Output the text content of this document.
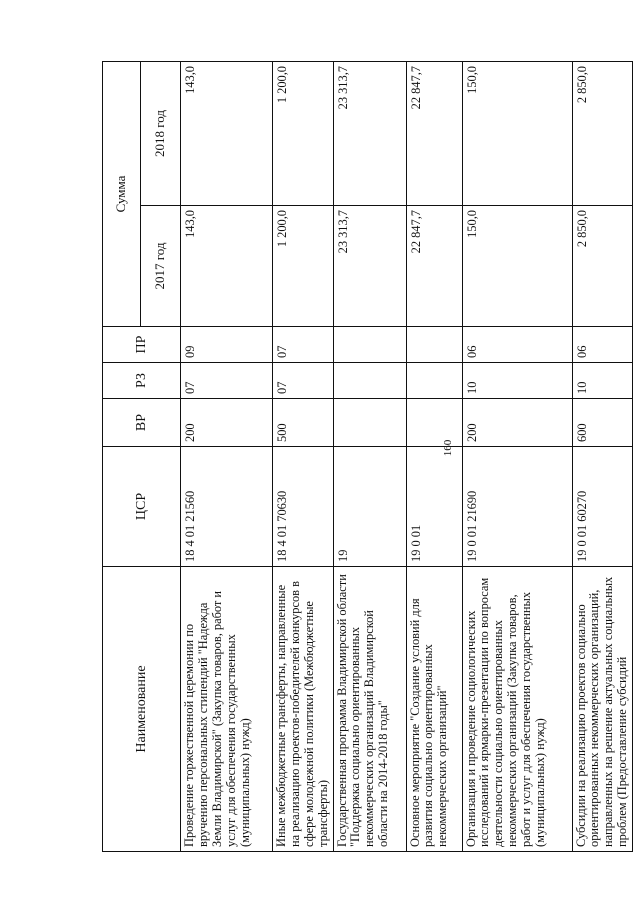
160
Наименование	ЦСР	ВР	РЗ	ПР	Сумма	
					2017 год	2018 год
Проведение торжественной церемонии по вручению персональных стипендий "Надежда Земли Владимирской" (Закупка товаров, работ и услуг для обеспечения государственных (муниципальных) нужд)	18 4 01 21560	200	07	09	143,0	143,0
Иные межбюджетные трансферты, направленные на реализацию проектов-победителей конкурсов в сфере молодежной политики (Межбюджетные трансферты)	18 4 01 70630	500	07	07	1 200,0	1 200,0
Государственная программа Владимирской области "Поддержка социально ориентированных некоммерческих организаций Владимирской области на 2014-2018 годы"	19				23 313,7	23 313,7
Основное мероприятие "Создание условий для развития социально ориентированных некоммерческих организаций"	19 0 01				22 847,7	22 847,7
Организация и проведение социологических исследований и ярмарки-презентации по вопросам деятельности социально ориентированных некоммерческих организаций (Закупка товаров, работ и услуг для обеспечения государственных (муниципальных) нужд)	19 0 01 21690	200	10	06	150,0	150,0
Субсидии на реализацию проектов социально ориентированных некоммерческих организаций, направленных на решение актуальных социальных проблем (Предоставление субсидий	19 0 01 60270	600	10	06	2 850,0	2 850,0
